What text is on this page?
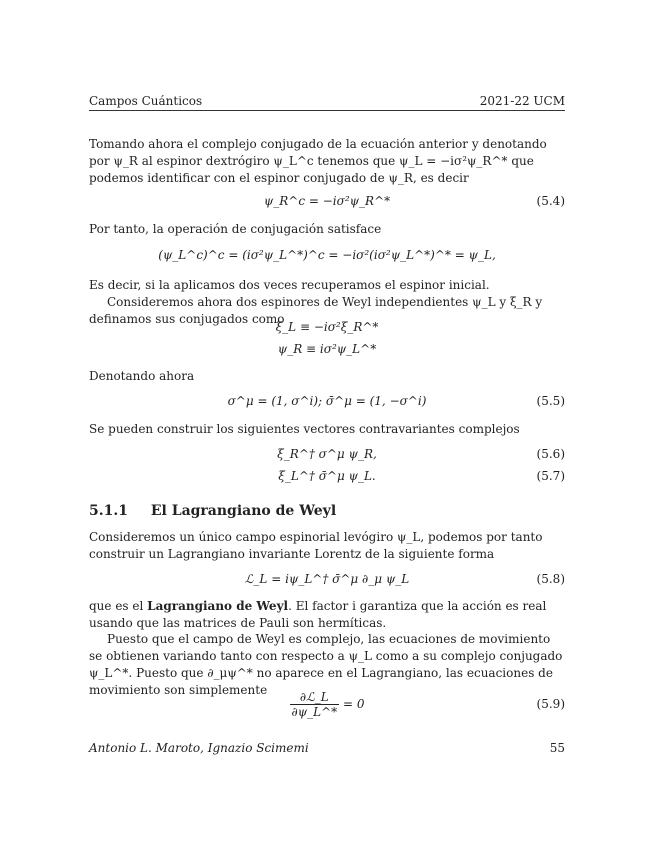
Campos Cuánticos	2021-22 UCM

Tomando ahora el complejo conjugado de la ecuación anterior y denotando por ψ_R al espinor dextrógiro ψ_L^c tenemos que ψ_L = −iσ²ψ_R^* que podemos identificar con el espinor conjugado de ψ_R, es decir

ψ_R^c = −iσ²ψ_R^*	(5.4)

Por tanto, la operación de conjugación satisface

(ψ_L^c)^c = (iσ²ψ_L^*)^c = −iσ²(iσ²ψ_L^*)^* = ψ_L,

Es decir, si la aplicamos dos veces recuperamos el espinor inicial.

Consideremos ahora dos espinores de Weyl independientes ψ_L y ξ_R y definamos sus conjugados como

ξ_L ≡ −iσ²ξ_R^*
ψ_R ≡ iσ²ψ_L^*

Denotando ahora

σ^μ = (1, σ^i); σ̄^μ = (1, −σ^i)	(5.5)

Se pueden construir los siguientes vectores contravariantes complejos

ξ_R^† σ^μ ψ_R,	(5.6)
ξ_L^† σ̄^μ ψ_L.	(5.7)
5.1.1 El Lagrangiano de Weyl

Consideremos un único campo espinorial levógiro ψ_L, podemos por tanto construir un Lagrangiano invariante Lorentz de la siguiente forma

ℒ_L = iψ_L^† σ̄^μ ∂_μ ψ_L	(5.8)

que es el Lagrangiano de Weyl. El factor i garantiza que la acción es real usando que las matrices de Pauli son hermíticas.

Puesto que el campo de Weyl es complejo, las ecuaciones de movimiento se obtienen variando tanto con respecto a ψ_L como a su complejo conjugado ψ_L^*. Puesto que ∂_μψ^* no aparece en el Lagrangiano, las ecuaciones de movimiento son simplemente	$\frac{\text{∂ℒ\_L}}{\partial\psi\_L\^{}*} = 0$	(5.9)
Antonio L. Maroto, Ignazio Scimemi	55
